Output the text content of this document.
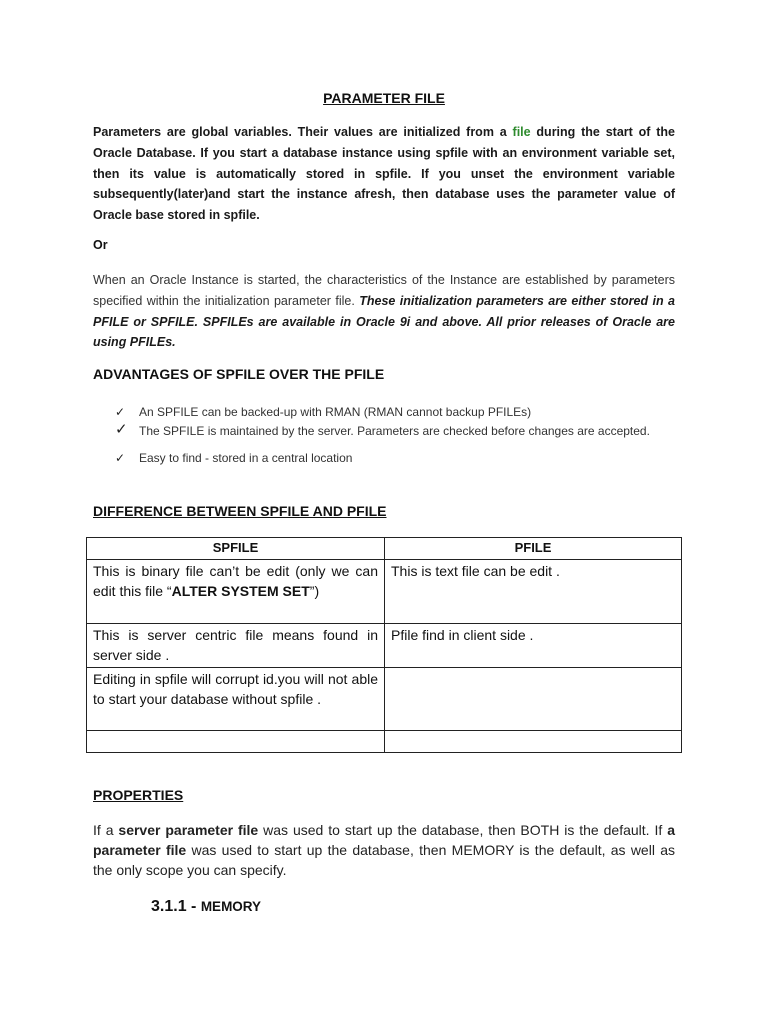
PARAMETER FILE
Parameters are global variables. Their values are initialized from a file during the start of the Oracle Database. If you start a database instance using spfile with an environment variable set, then its value is automatically stored in spfile. If you unset the environment variable subsequently(later)and start the instance afresh, then database uses the parameter value of Oracle base stored in spfile.
Or
When an Oracle Instance is started, the characteristics of the Instance are established by parameters specified within the initialization parameter file. These initialization parameters are either stored in a PFILE or SPFILE. SPFILEs are available in Oracle 9i and above. All prior releases of Oracle are using PFILEs.
ADVANTAGES OF SPFILE OVER THE PFILE
✓ An SPFILE can be backed-up with RMAN (RMAN cannot backup PFILEs)
✓ The SPFILE is maintained by the server. Parameters are checked before changes are accepted.
✓ Easy to find - stored in a central location
DIFFERENCE BETWEEN SPFILE AND PFILE
SPFILE	PFILE
This is binary file can’t be edit (only we can edit this file “ALTER SYSTEM SET”)	This is text file can be edit .
This is server centric file means found in server side .	Pfile find in client side .
Editing in spfile will corrupt id.you will not able to start your database without spfile .	

PROPERTIES
If a server parameter file was used to start up the database, then BOTH is the default. If a parameter file was used to start up the database, then MEMORY is the default, as well as the only scope you can specify.
3.1.1 - MEMORY
